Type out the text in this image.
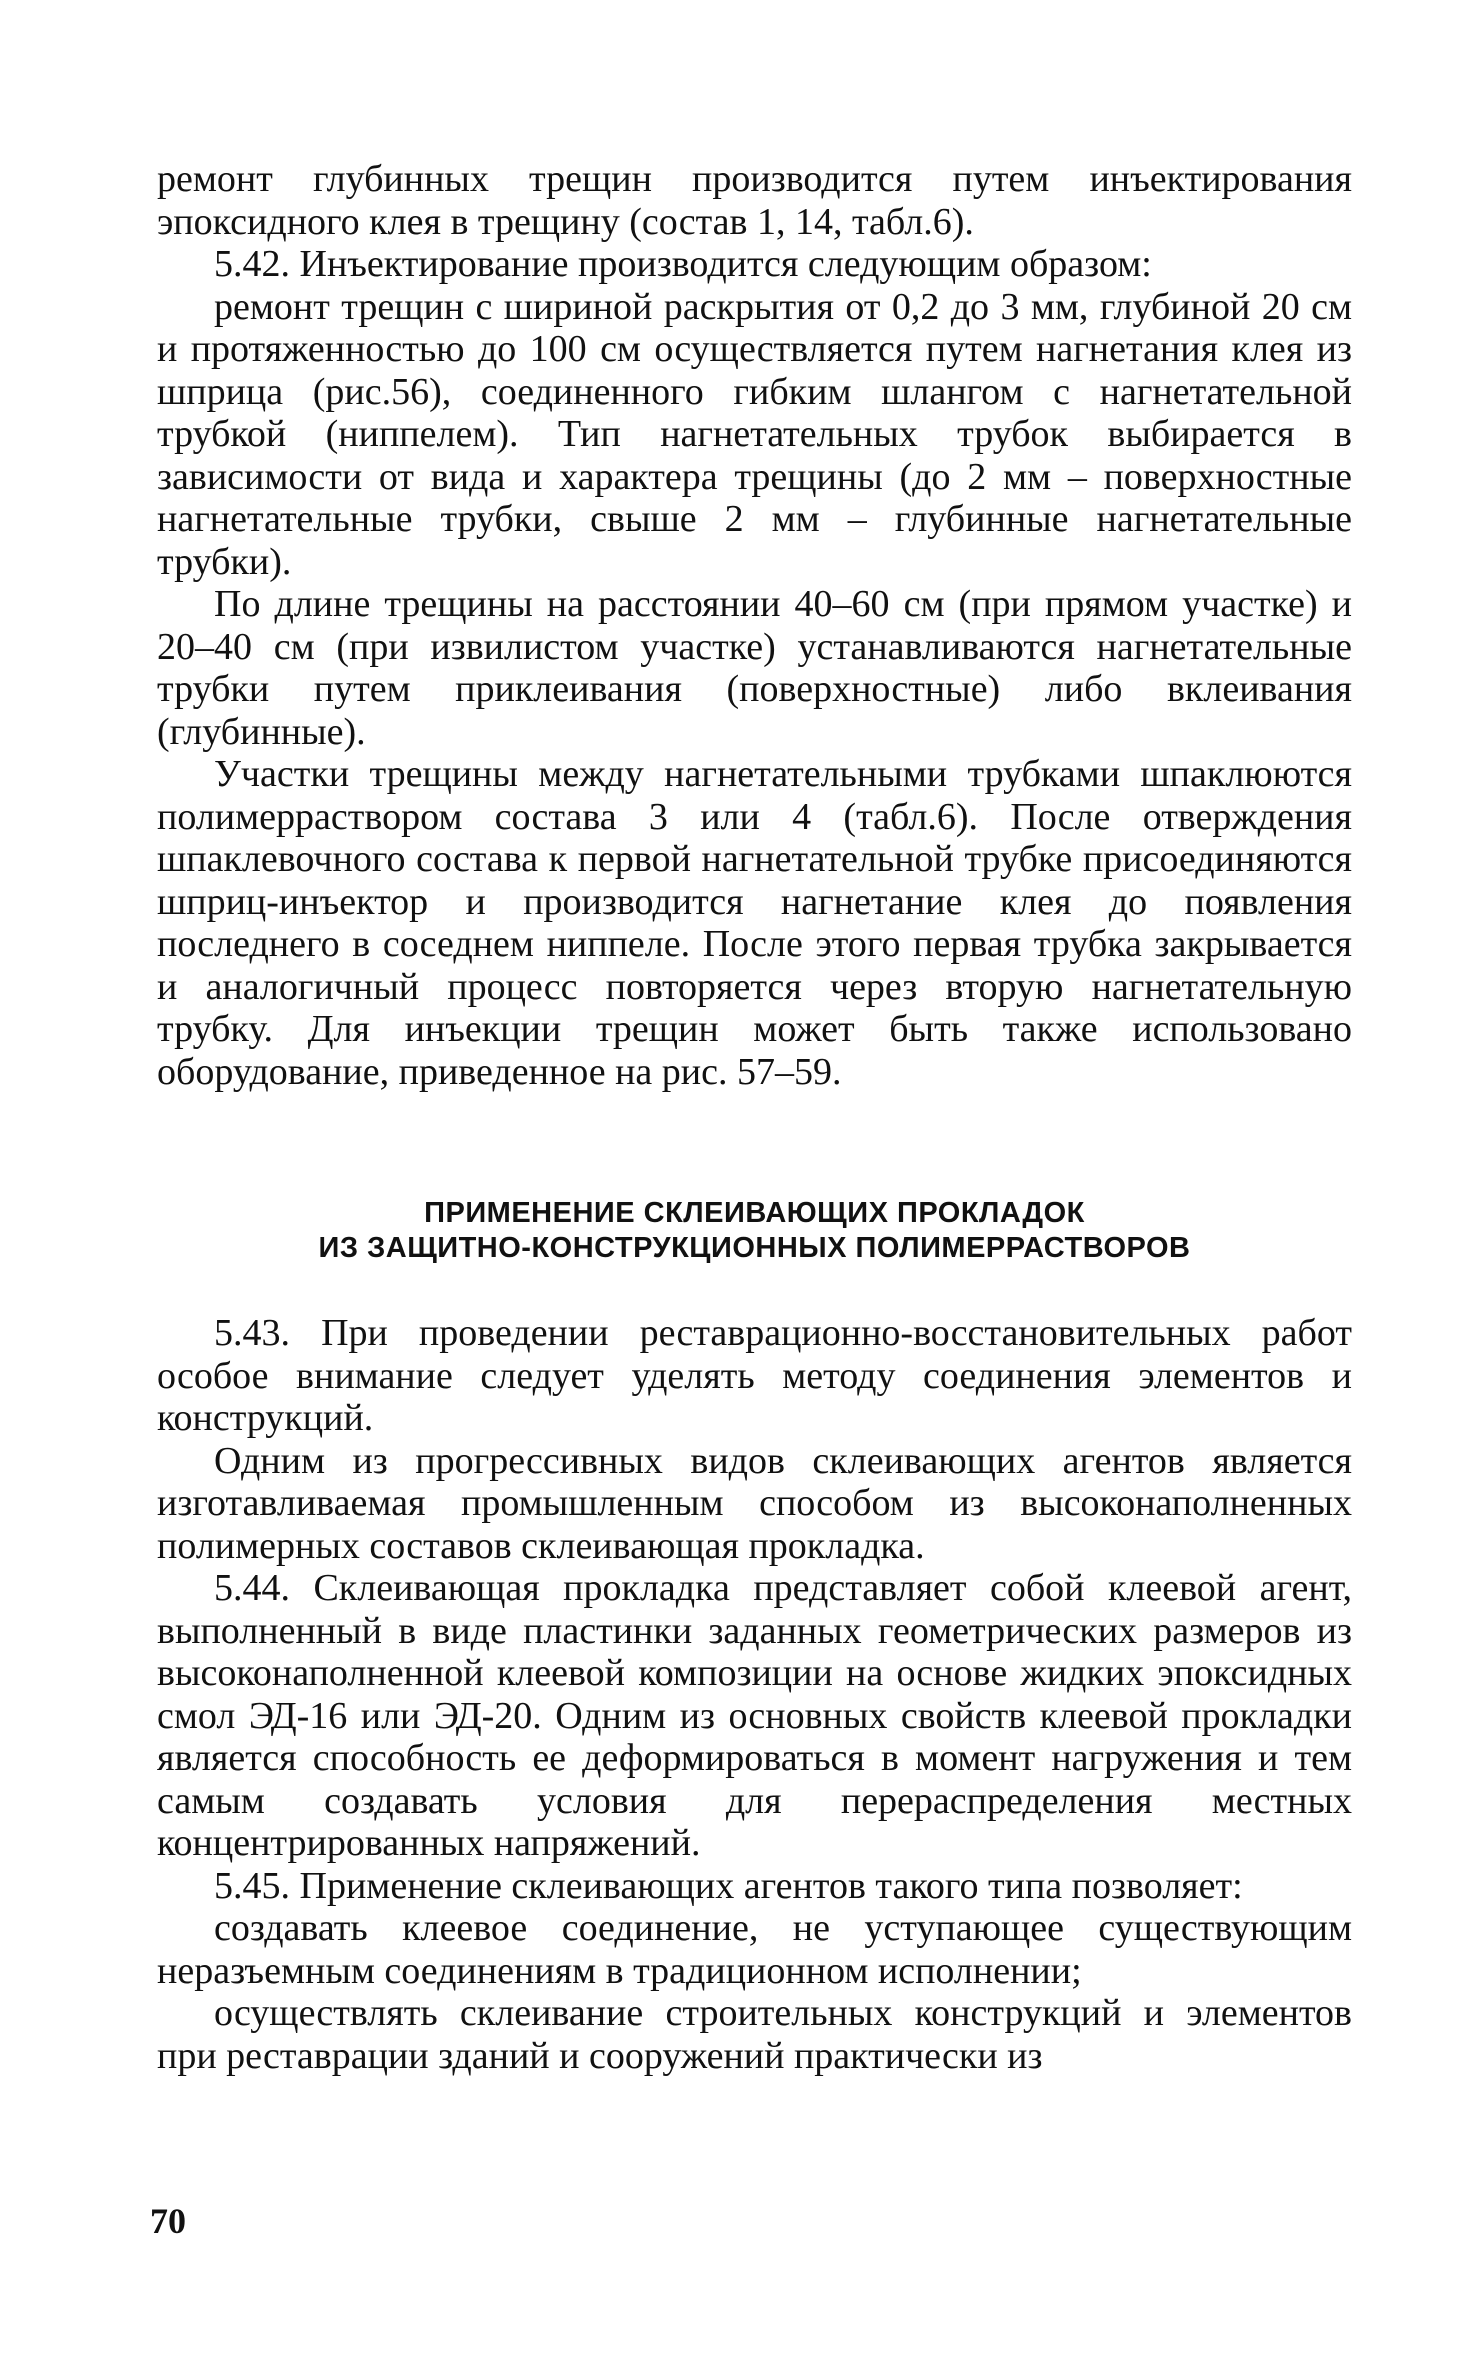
ремонт глубинных трещин производится путем инъектирования эпоксидного клея в трещину (состав 1, 14, табл.6).

5.42. Инъектирование производится следующим образом:

ремонт трещин с шириной раскрытия от 0,2 до 3 мм, глубиной 20 см и протяженностью до 100 см осуществляется путем нагнетания клея из шприца (рис.56), соединенного гибким шлангом с нагнетательной трубкой (ниппелем). Тип нагнетательных трубок выбирается в зависимости от вида и характера трещины (до 2 мм – поверхностные нагнетательные трубки, свыше 2 мм – глубинные нагнетательные трубки).

По длине трещины на расстоянии 40–60 см (при прямом участке) и 20–40 см (при извилистом участке) устанавливаются нагнетательные трубки путем приклеивания (поверхностные) либо вклеивания (глубинные).

Участки трещины между нагнетательными трубками шпаклюются полимерраствором состава 3 или 4 (табл.6). После отверждения шпаклевочного состава к первой нагнетательной трубке присоединяются шприц-инъектор и производится нагнетание клея до появления последнего в соседнем ниппеле. После этого первая трубка закрывается и аналогичный процесс повторяется через вторую нагнетательную трубку. Для инъекции трещин может быть также использовано оборудование, приведенное на рис. 57–59.

ПРИМЕНЕНИЕ СКЛЕИВАЮЩИХ ПРОКЛАДОК
ИЗ ЗАЩИТНО-КОНСТРУКЦИОННЫХ ПОЛИМЕРРАСТВОРОВ

5.43. При проведении реставрационно-восстановительных работ особое внимание следует уделять методу соединения элементов и конструкций.

Одним из прогрессивных видов склеивающих агентов является изготавливаемая промышленным способом из высоконаполненных полимерных составов склеивающая прокладка.

5.44. Склеивающая прокладка представляет собой клеевой агент, выполненный в виде пластинки заданных геометрических размеров из высоконаполненной клеевой композиции на основе жидких эпоксидных смол ЭД-16 или ЭД-20. Одним из основных свойств клеевой прокладки является способность ее деформироваться в момент нагружения и тем самым создавать условия для перераспределения местных концентрированных напряжений.

5.45. Применение склеивающих агентов такого типа позволяет:

создавать клеевое соединение, не уступающее существующим неразъемным соединениям в традиционном исполнении;

осуществлять склеивание строительных конструкций и элементов при реставрации зданий и сооружений практически из

70
